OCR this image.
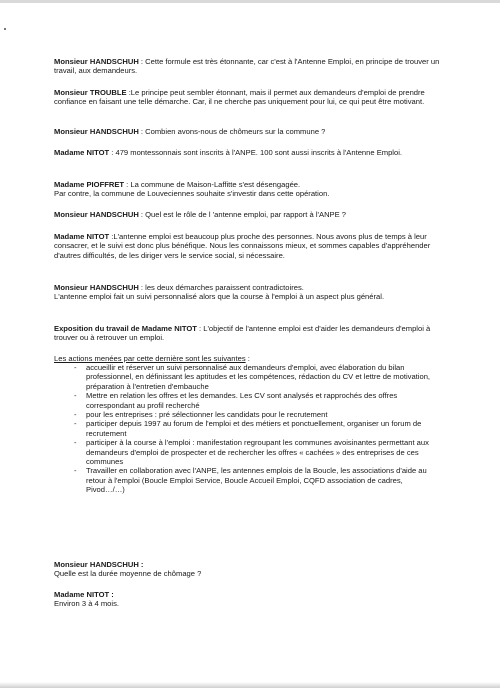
Monsieur HANDSCHUH : Cette formule est très étonnante, car c'est à l'Antenne Emploi, en principe de trouver un travail, aux demandeurs.

Monsieur TROUBLE :Le principe peut sembler étonnant, mais il permet aux demandeurs d'emploi de prendre confiance en faisant une telle démarche. Car, il ne cherche pas uniquement pour lui, ce qui peut être motivant.

Monsieur HANDSCHUH : Combien avons-nous de chômeurs sur la commune ?

Madame NITOT : 479 montessonnais sont inscrits à l'ANPE. 100 sont aussi inscrits à l'Antenne Emploi.

Madame PIOFFRET : La commune de Maison-Laffitte s'est désengagée.
Par contre, la commune de Louveciennes souhaite s'investir dans cette opération.

Monsieur HANDSCHUH : Quel est le rôle de l 'antenne emploi, par rapport à l'ANPE ?

Madame NITOT :L'antenne emploi est beaucoup plus proche des personnes. Nous avons plus de temps à leur consacrer, et le suivi est donc plus bénéfique. Nous les connaissons mieux, et sommes capables d'appréhender d'autres difficultés, de les diriger vers le service social, si nécessaire.

Monsieur HANDSCHUH : les deux démarches paraissent contradictoires.
L'antenne emploi fait un suivi personnalisé alors que la course à l'emploi à un aspect plus général.

Exposition du travail de Madame NITOT : L'objectif de l'antenne emploi est d'aider les demandeurs d'emploi à trouver ou à retrouver un emploi.

Les actions menées par cette dernière sont les suivantes :

- accueillir et réserver un suivi personnalisé aux demandeurs d'emploi, avec élaboration du bilan professionnel, en définissant les aptitudes et les compétences, rédaction du CV et lettre de motivation, préparation à l'entretien d'embauche
- Mettre en relation les offres et les demandes. Les CV sont analysés et rapprochés des offres correspondant au profil recherché
- pour les entreprises : pré sélectionner les candidats pour le recrutement
- participer depuis 1997 au forum de l'emploi et des métiers et ponctuellement, organiser un forum de recrutement
- participer à la course à l'emploi : manifestation regroupant les communes avoisinantes permettant aux demandeurs d'emploi de prospecter et de rechercher les offres « cachées » des entreprises de ces communes
- Travailler en collaboration avec l'ANPE, les antennes emplois de la Boucle, les associations d'aide au retour à l'emploi (Boucle Emploi Service, Boucle Accueil Emploi, CQFD association de cadres, Pivod…/…)

Monsieur HANDSCHUH :
Quelle est la durée moyenne de chômage ?

Madame NITOT :
Environ 3 à 4 mois.
